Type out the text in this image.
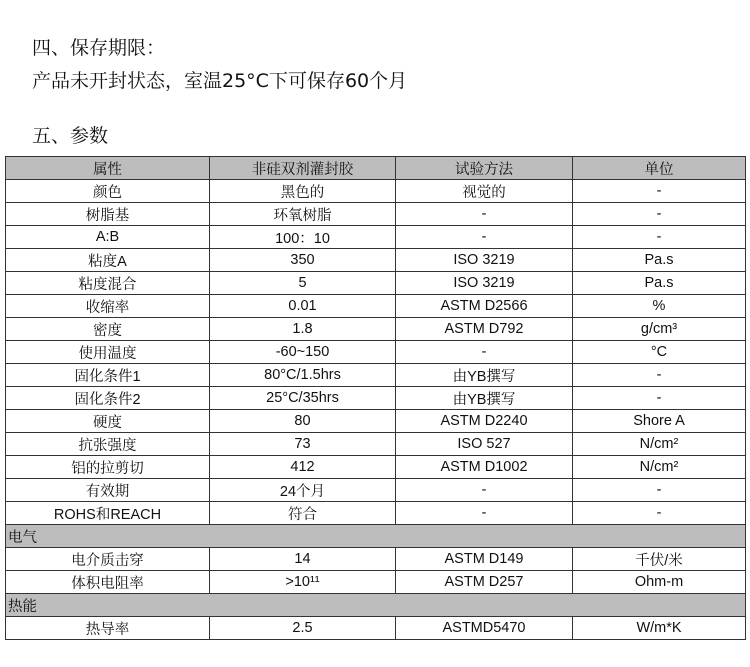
四、保存期限：

产品未开封状态，室温25°C下可保存60个月

五、参数
属性	非硅双剂灌封胶	试验方法	单位
颜色	黑色的	视觉的	-
树脂基	环氧树脂	-	-
A:B	100：10	-	-
粘度A	350	ISO 3219	Pa.s
粘度混合	5	ISO 3219	Pa.s
收缩率	0.01	ASTM D2566	%
密度	1.8	ASTM D792	g/cm³
使用温度	-60~150	-	°C
固化条件1	80°C/1.5hrs	由YB撰写	-
固化条件2	25°C/35hrs	由YB撰写	-
硬度	80	ASTM D2240	Shore A
抗张强度	73	ISO 527	N/cm²
铝的拉剪切	412	ASTM D1002	N/cm²
有效期	24个月	-	-
ROHS和REACH	符合	-	-
电气			
电介质击穿	14	ASTM D149	千伏/米
体积电阻率	>10¹¹	ASTM D257	Ohm-m
热能			
热导率	2.5	ASTMD5470	W/m*K
